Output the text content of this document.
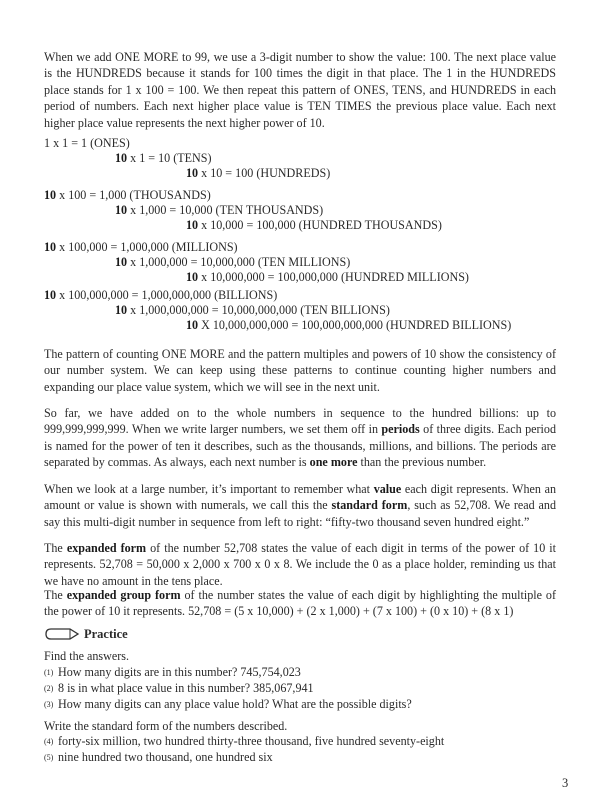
When we add ONE MORE to 99, we use a 3-digit number to show the value: 100. The next place value is the HUNDREDS because it stands for 100 times the digit in that place. The 1 in the HUNDREDS place stands for 1 x 100 = 100. We then repeat this pattern of ONES, TENS, and HUNDREDS in each period of numbers. Each next higher place value is TEN TIMES the previous place value. Each next higher place value represents the next higher power of 10.

1 x 1 = 1 (ONES)
10 x 1 = 10 (TENS)
10 x 10 = 100 (HUNDREDS)
10 x 100 = 1,000 (THOUSANDS)
10 x 1,000 = 10,000 (TEN THOUSANDS)
10 x 10,000 = 100,000 (HUNDRED THOUSANDS)
10 x 100,000 = 1,000,000 (MILLIONS)
10 x 1,000,000 = 10,000,000 (TEN MILLIONS)
10 x 10,000,000 = 100,000,000 (HUNDRED MILLIONS)
10 x 100,000,000 = 1,000,000,000 (BILLIONS)
10 x 1,000,000,000 = 10,000,000,000 (TEN BILLIONS)
10 X 10,000,000,000 = 100,000,000,000 (HUNDRED BILLIONS)

The pattern of counting ONE MORE and the pattern multiples and powers of 10 show the consistency of our number system. We can keep using these patterns to continue counting higher numbers and expanding our place value system, which we will see in the next unit.

So far, we have added on to the whole numbers in sequence to the hundred billions: up to 999,999,999,999. When we write larger numbers, we set them off in periods of three digits. Each period is named for the power of ten it describes, such as the thousands, millions, and billions. The periods are separated by commas. As always, each next number is one more than the previous number.

When we look at a large number, it’s important to remember what value each digit represents. When an amount or value is shown with numerals, we call this the standard form, such as 52,708. We read and say this multi-digit number in sequence from left to right: “fifty-two thousand seven hundred eight.”

The expanded form of the number 52,708 states the value of each digit in terms of the power of 10 it represents. 52,708 = 50,000 x 2,000 x 700 x 0 x 8. We include the 0 as a place holder, reminding us that we have no amount in the tens place.

The expanded group form of the number states the value of each digit by highlighting the multiple of the power of 10 it represents. 52,708 = (5 x 10,000) + (2 x 1,000) + (7 x 100) + (0 x 10) + (8 x 1)

Practice
Find the answers.
(1) How many digits are in this number? 745,754,023
(2) 8 is in what place value in this number? 385,067,941
(3) How many digits can any place value hold? What are the possible digits?
Write the standard form of the numbers described.
(4) forty-six million, two hundred thirty-three thousand, five hundred seventy-eight
(5) nine hundred two thousand, one hundred six
3
